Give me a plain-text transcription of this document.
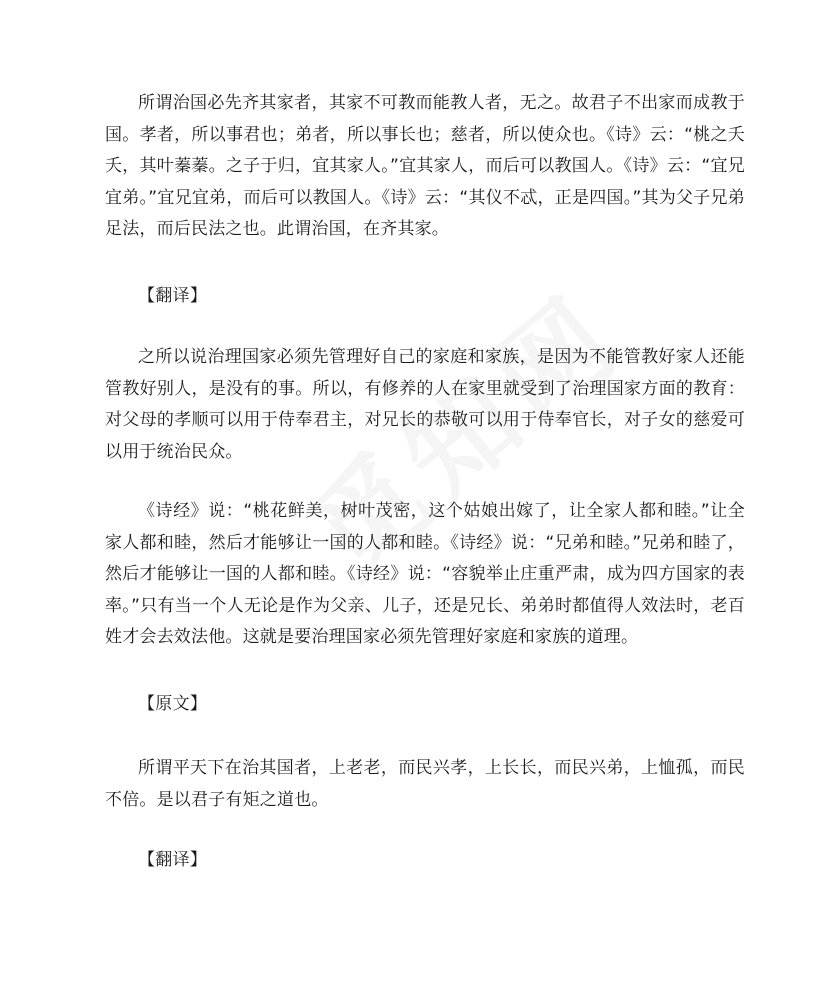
所谓治国必先齐其家者，其家不可教而能教人者，无之。故君子不出家而成教于国。孝者，所以事君也；弟者，所以事长也；慈者，所以使众也。《诗》云：“桃之夭夭，其叶蓁蓁。之子于归，宜其家人。”宜其家人，而后可以教国人。《诗》云：“宜兄宜弟。”宜兄宜弟，而后可以教国人。《诗》云：“其仪不忒，正是四国。”其为父子兄弟足法，而后民法之也。此谓治国，在齐其家。

【翻译】

之所以说治理国家必须先管理好自己的家庭和家族，是因为不能管教好家人还能管教好别人，是没有的事。所以，有修养的人在家里就受到了治理国家方面的教育：对父母的孝顺可以用于侍奉君主，对兄长的恭敬可以用于侍奉官长，对子女的慈爱可以用于统治民众。

《诗经》说：“桃花鲜美，树叶茂密，这个姑娘出嫁了，让全家人都和睦。”让全家人都和睦，然后才能够让一国的人都和睦。《诗经》说：“兄弟和睦。”兄弟和睦了，然后才能够让一国的人都和睦。《诗经》说：“容貌举止庄重严肃，成为四方国家的表率。”只有当一个人无论是作为父亲、儿子，还是兄长、弟弟时都值得人效法时，老百姓才会去效法他。这就是要治理国家必须先管理好家庭和家族的道理。

【原文】

所谓平天下在治其国者，上老老，而民兴孝，上长长，而民兴弟，上恤孤，而民不倍。是以君子有矩之道也。

【翻译】
